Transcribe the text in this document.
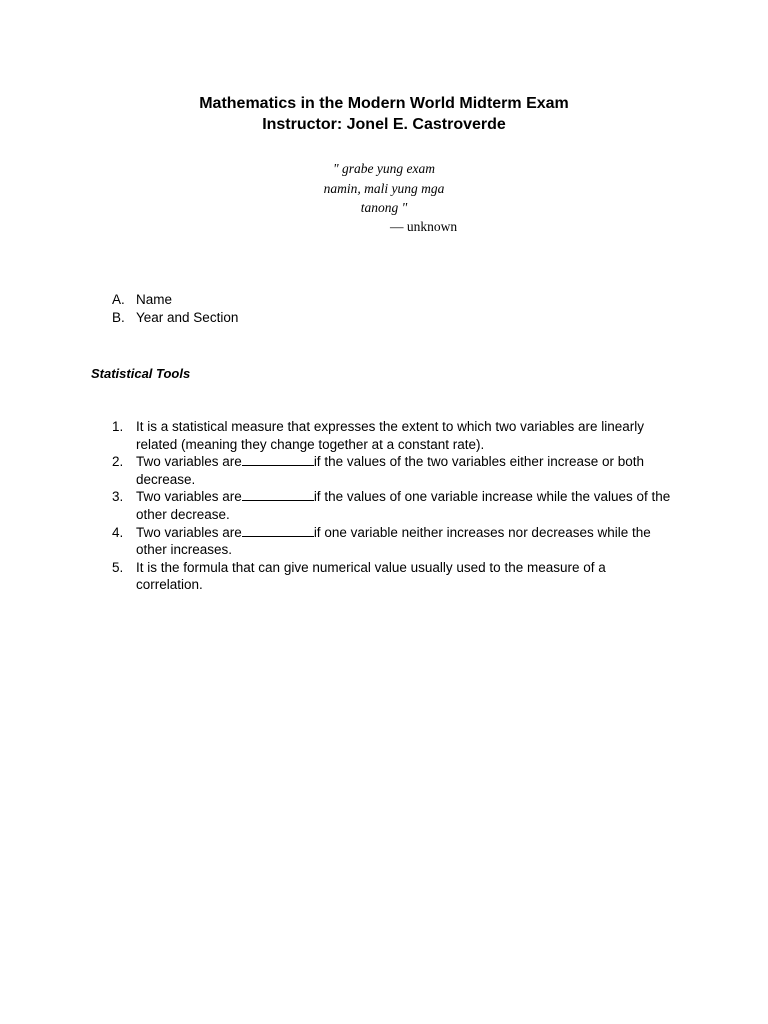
Mathematics in the Modern World Midterm Exam

Instructor: Jonel E. Castroverde

" grabe yung exam
namin, mali yung mga
tanong "
— unknown
A. Name
B. Year and Section
Statistical Tools
1. It is a statistical measure that expresses the extent to which two variables are linearly related (meaning they change together at a constant rate).
2. Two variables are	if the values of the two variables either increase or both decrease.
3. Two variables are	if the values of one variable increase while the values of the other decrease.
4. Two variables are	if one variable neither increases nor decreases while the other increases.
5. It is the formula that can give numerical value usually used to the measure of a correlation.
